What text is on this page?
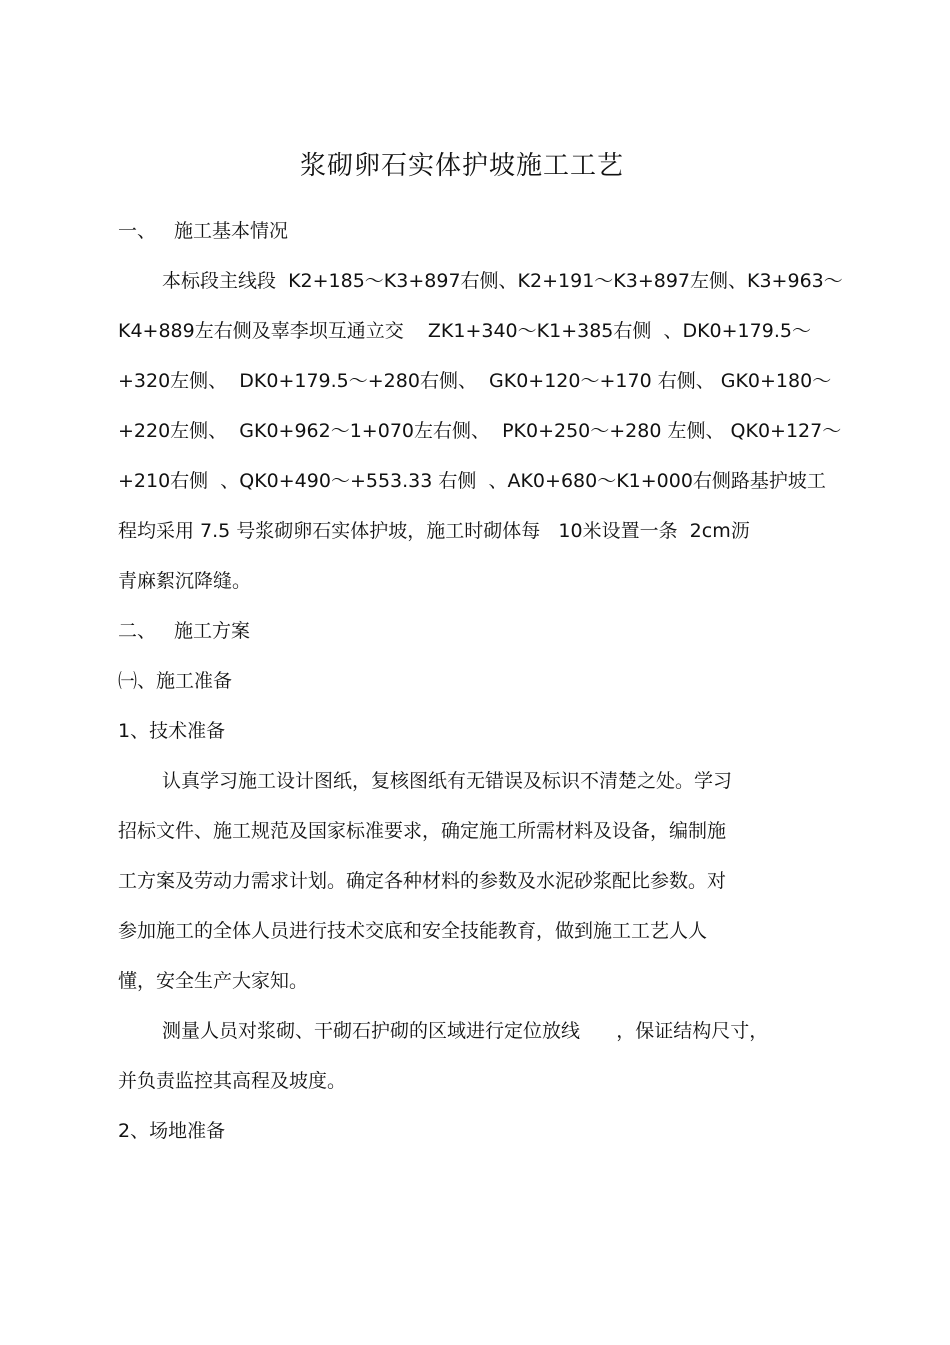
浆砌卵石实体护坡施工工艺
一、 施工基本情况
本标段主线段  K2+185～K3+897右侧、K2+191～K3+897左侧、K3+963～
K4+889左右侧及辜李坝互通立交    ZK1+340～K1+385右侧  、DK0+179.5～
+320左侧、  DK0+179.5～+280右侧、  GK0+120～+170 右侧、 GK0+180～
+220左侧、  GK0+962～1+070左右侧、  PK0+250～+280 左侧、 QK0+127～
+210右侧  、QK0+490～+553.33 右侧  、AK0+680～K1+000右侧路基护坡工
程均采用 7.5 号浆砌卵石实体护坡，施工时砌体每   10米设置一条  2cm沥
青麻絮沉降缝。
二、 施工方案
㈠、施工准备
1、技术准备
认真学习施工设计图纸，复核图纸有无错误及标识不清楚之处。学习
招标文件、施工规范及国家标准要求，确定施工所需材料及设备，编制施
工方案及劳动力需求计划。确定各种材料的参数及水泥砂浆配比参数。对
参加施工的全体人员进行技术交底和安全技能教育，做到施工工艺人人
懂，安全生产大家知。
测量人员对浆砌、干砌石护砌的区域进行定位放线      ，保证结构尺寸，
并负责监控其高程及坡度。
2、场地准备
